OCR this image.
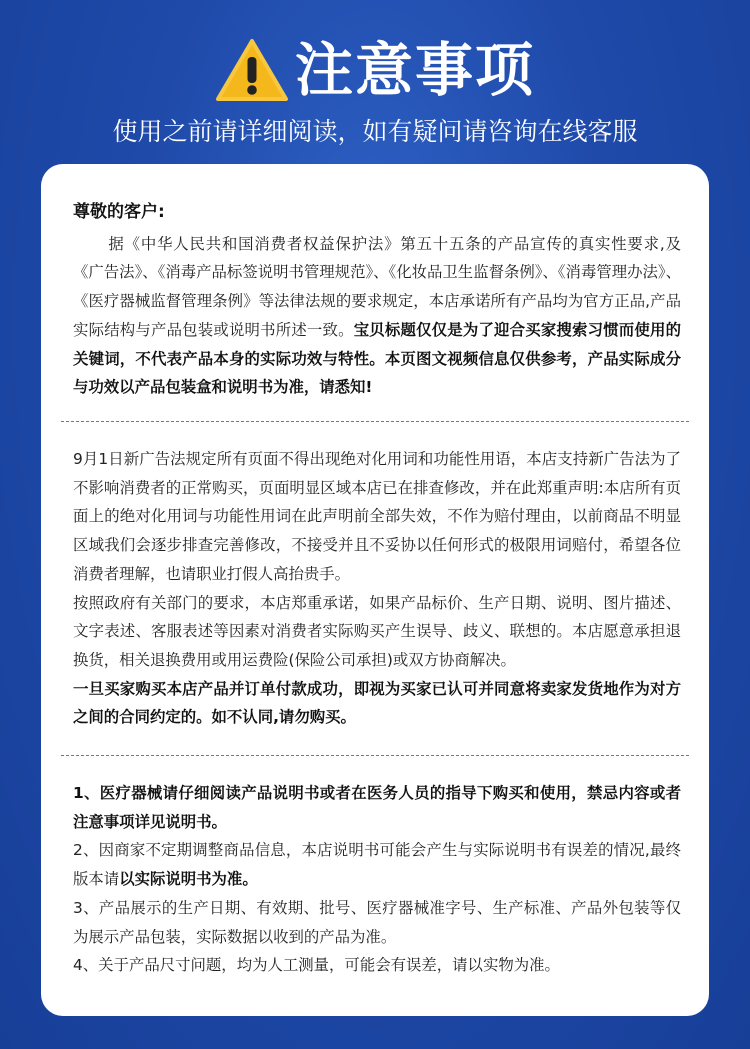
注意事项
使用之前请详细阅读，如有疑问请咨询在线客服
尊敬的客户:
据《中华人民共和国消费者权益保护法》第五十五条的产品宣传的真实性要求,及《广告法》、《消毒产品标签说明书管理规范》、《化妆品卫生监督条例》、《消毒管理办法》、《医疗器械监督管理条例》等法律法规的要求规定，本店承诺所有产品均为官方正品,产品实际结构与产品包装或说明书所述一致。宝贝标题仅仅是为了迎合买家搜索习惯而使用的关键词，不代表产品本身的实际功效与特性。本页图文视频信息仅供参考，产品实际成分与功效以产品包装盒和说明书为准，请悉知!
9月1日新广告法规定所有页面不得出现绝对化用词和功能性用语，本店支持新广告法为了不影响消费者的正常购买，页面明显区域本店已在排查修改，并在此郑重声明:本店所有页面上的绝对化用词与功能性用词在此声明前全部失效，不作为赔付理由，以前商品不明显区域我们会逐步排查完善修改，不接受并且不妥协以任何形式的极限用词赔付，希望各位消费者理解，也请职业打假人高抬贵手。
按照政府有关部门的要求，本店郑重承诺，如果产品标价、生产日期、说明、图片描述、文字表述、客服表述等因素对消费者实际购买产生误导、歧义、联想的。本店愿意承担退换货，相关退换费用或用运费险(保险公司承担)或双方协商解决。
一旦买家购买本店产品并订单付款成功，即视为买家已认可并同意将卖家发货地作为对方之间的合同约定的。如不认同,请勿购买。
1、医疗器械请仔细阅读产品说明书或者在医务人员的指导下购买和使用，禁忌内容或者注意事项详见说明书。
2、因商家不定期调整商品信息，本店说明书可能会产生与实际说明书有误差的情况,最终版本请以实际说明书为准。
3、产品展示的生产日期、有效期、批号、医疗器械准字号、生产标准、产品外包装等仅为展示产品包装，实际数据以收到的产品为准。
4、关于产品尺寸问题，均为人工测量，可能会有误差，请以实物为准。
